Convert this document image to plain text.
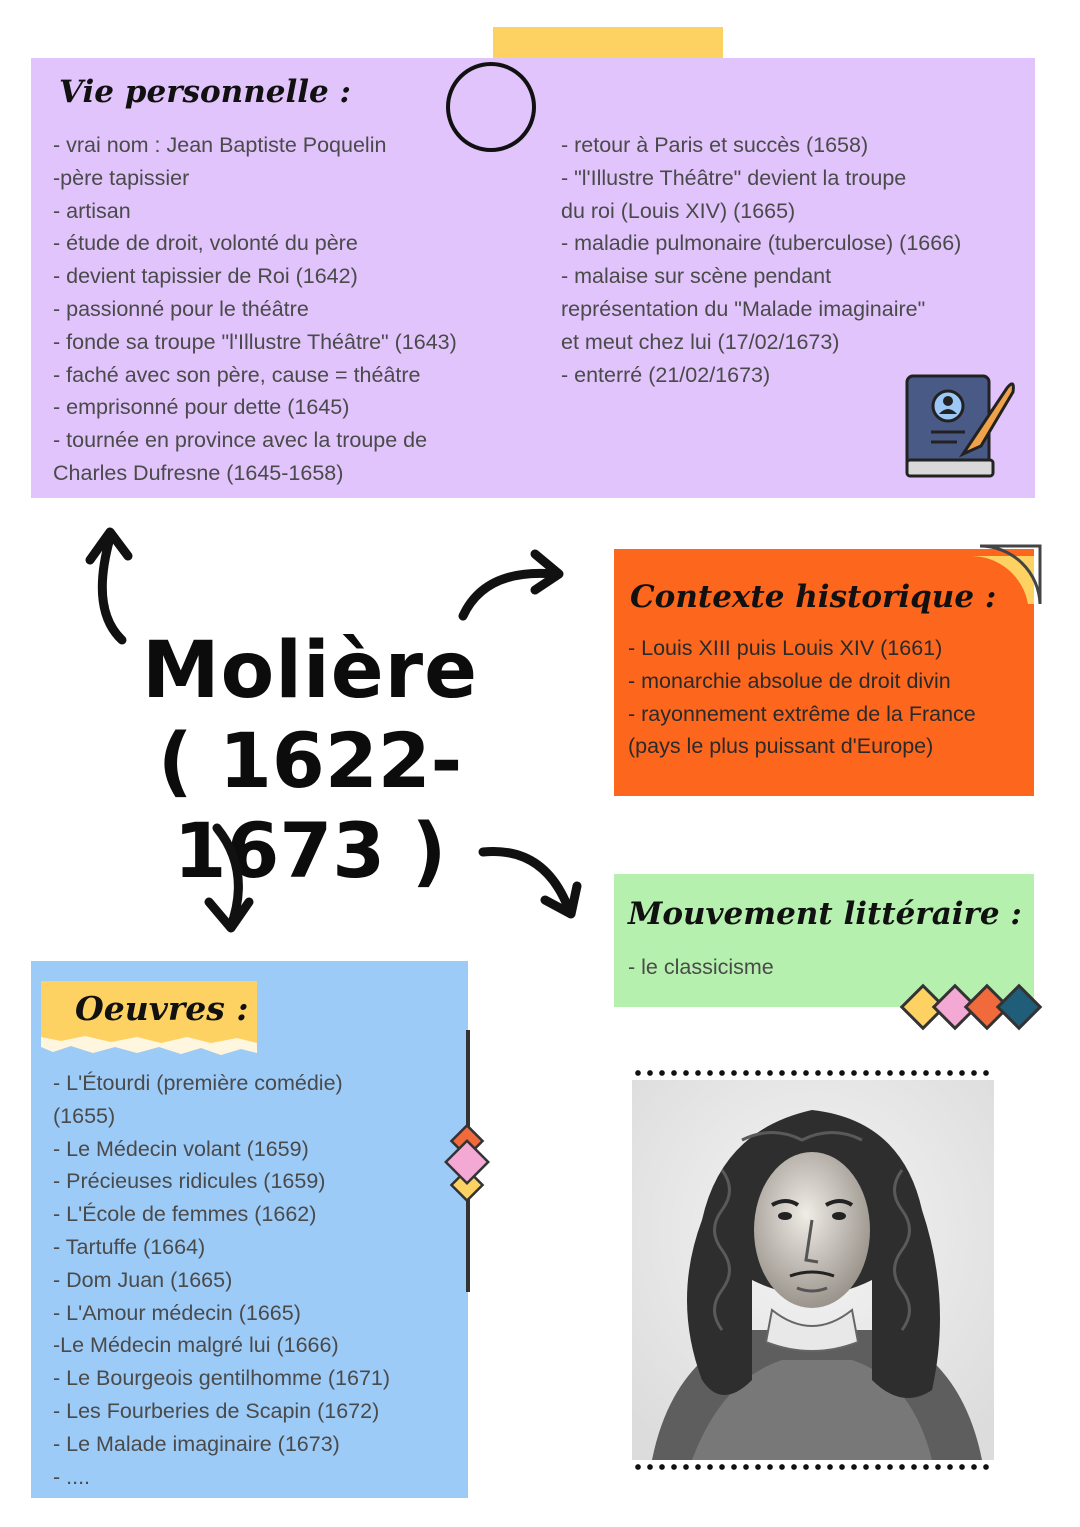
Vie personnelle :
- vrai nom : Jean Baptiste Poquelin
-père tapissier
- artisan
- étude de droit, volonté du père
- devient tapissier de Roi (1642)
- passionné pour le théâtre
- fonde sa troupe "l'Illustre Théâtre" (1643)
- faché avec son père, cause = théâtre
- emprisonné pour dette (1645)
- tournée en province avec la troupe de
Charles Dufresne (1645-1658)
- retour à Paris et succès (1658)
- "l'Illustre Théâtre" devient la troupe
du roi (Louis XIV) (1665)
- maladie pulmonaire (tuberculose) (1666)
- malaise sur scène pendant
représentation du "Malade imaginaire"
et meut chez lui (17/02/1673)
- enterré (21/02/1673)
Molière
( 1622-1673 )
Contexte historique :
- Louis XIII puis Louis XIV (1661)
- monarchie absolue de droit divin
- rayonnement extrême de la France
(pays le plus puissant d'Europe)
Mouvement littéraire :
- le classicisme
Oeuvres :
- L'Étourdi (première comédie)
(1655)
- Le Médecin volant (1659)
- Précieuses ridicules (1659)
- L'École de femmes (1662)
- Tartuffe (1664)
- Dom Juan (1665)
- L'Amour médecin (1665)
-Le Médecin malgré lui (1666)
- Le Bourgeois gentilhomme (1671)
- Les Fourberies de Scapin (1672)
- Le Malade imaginaire (1673)
- ....
